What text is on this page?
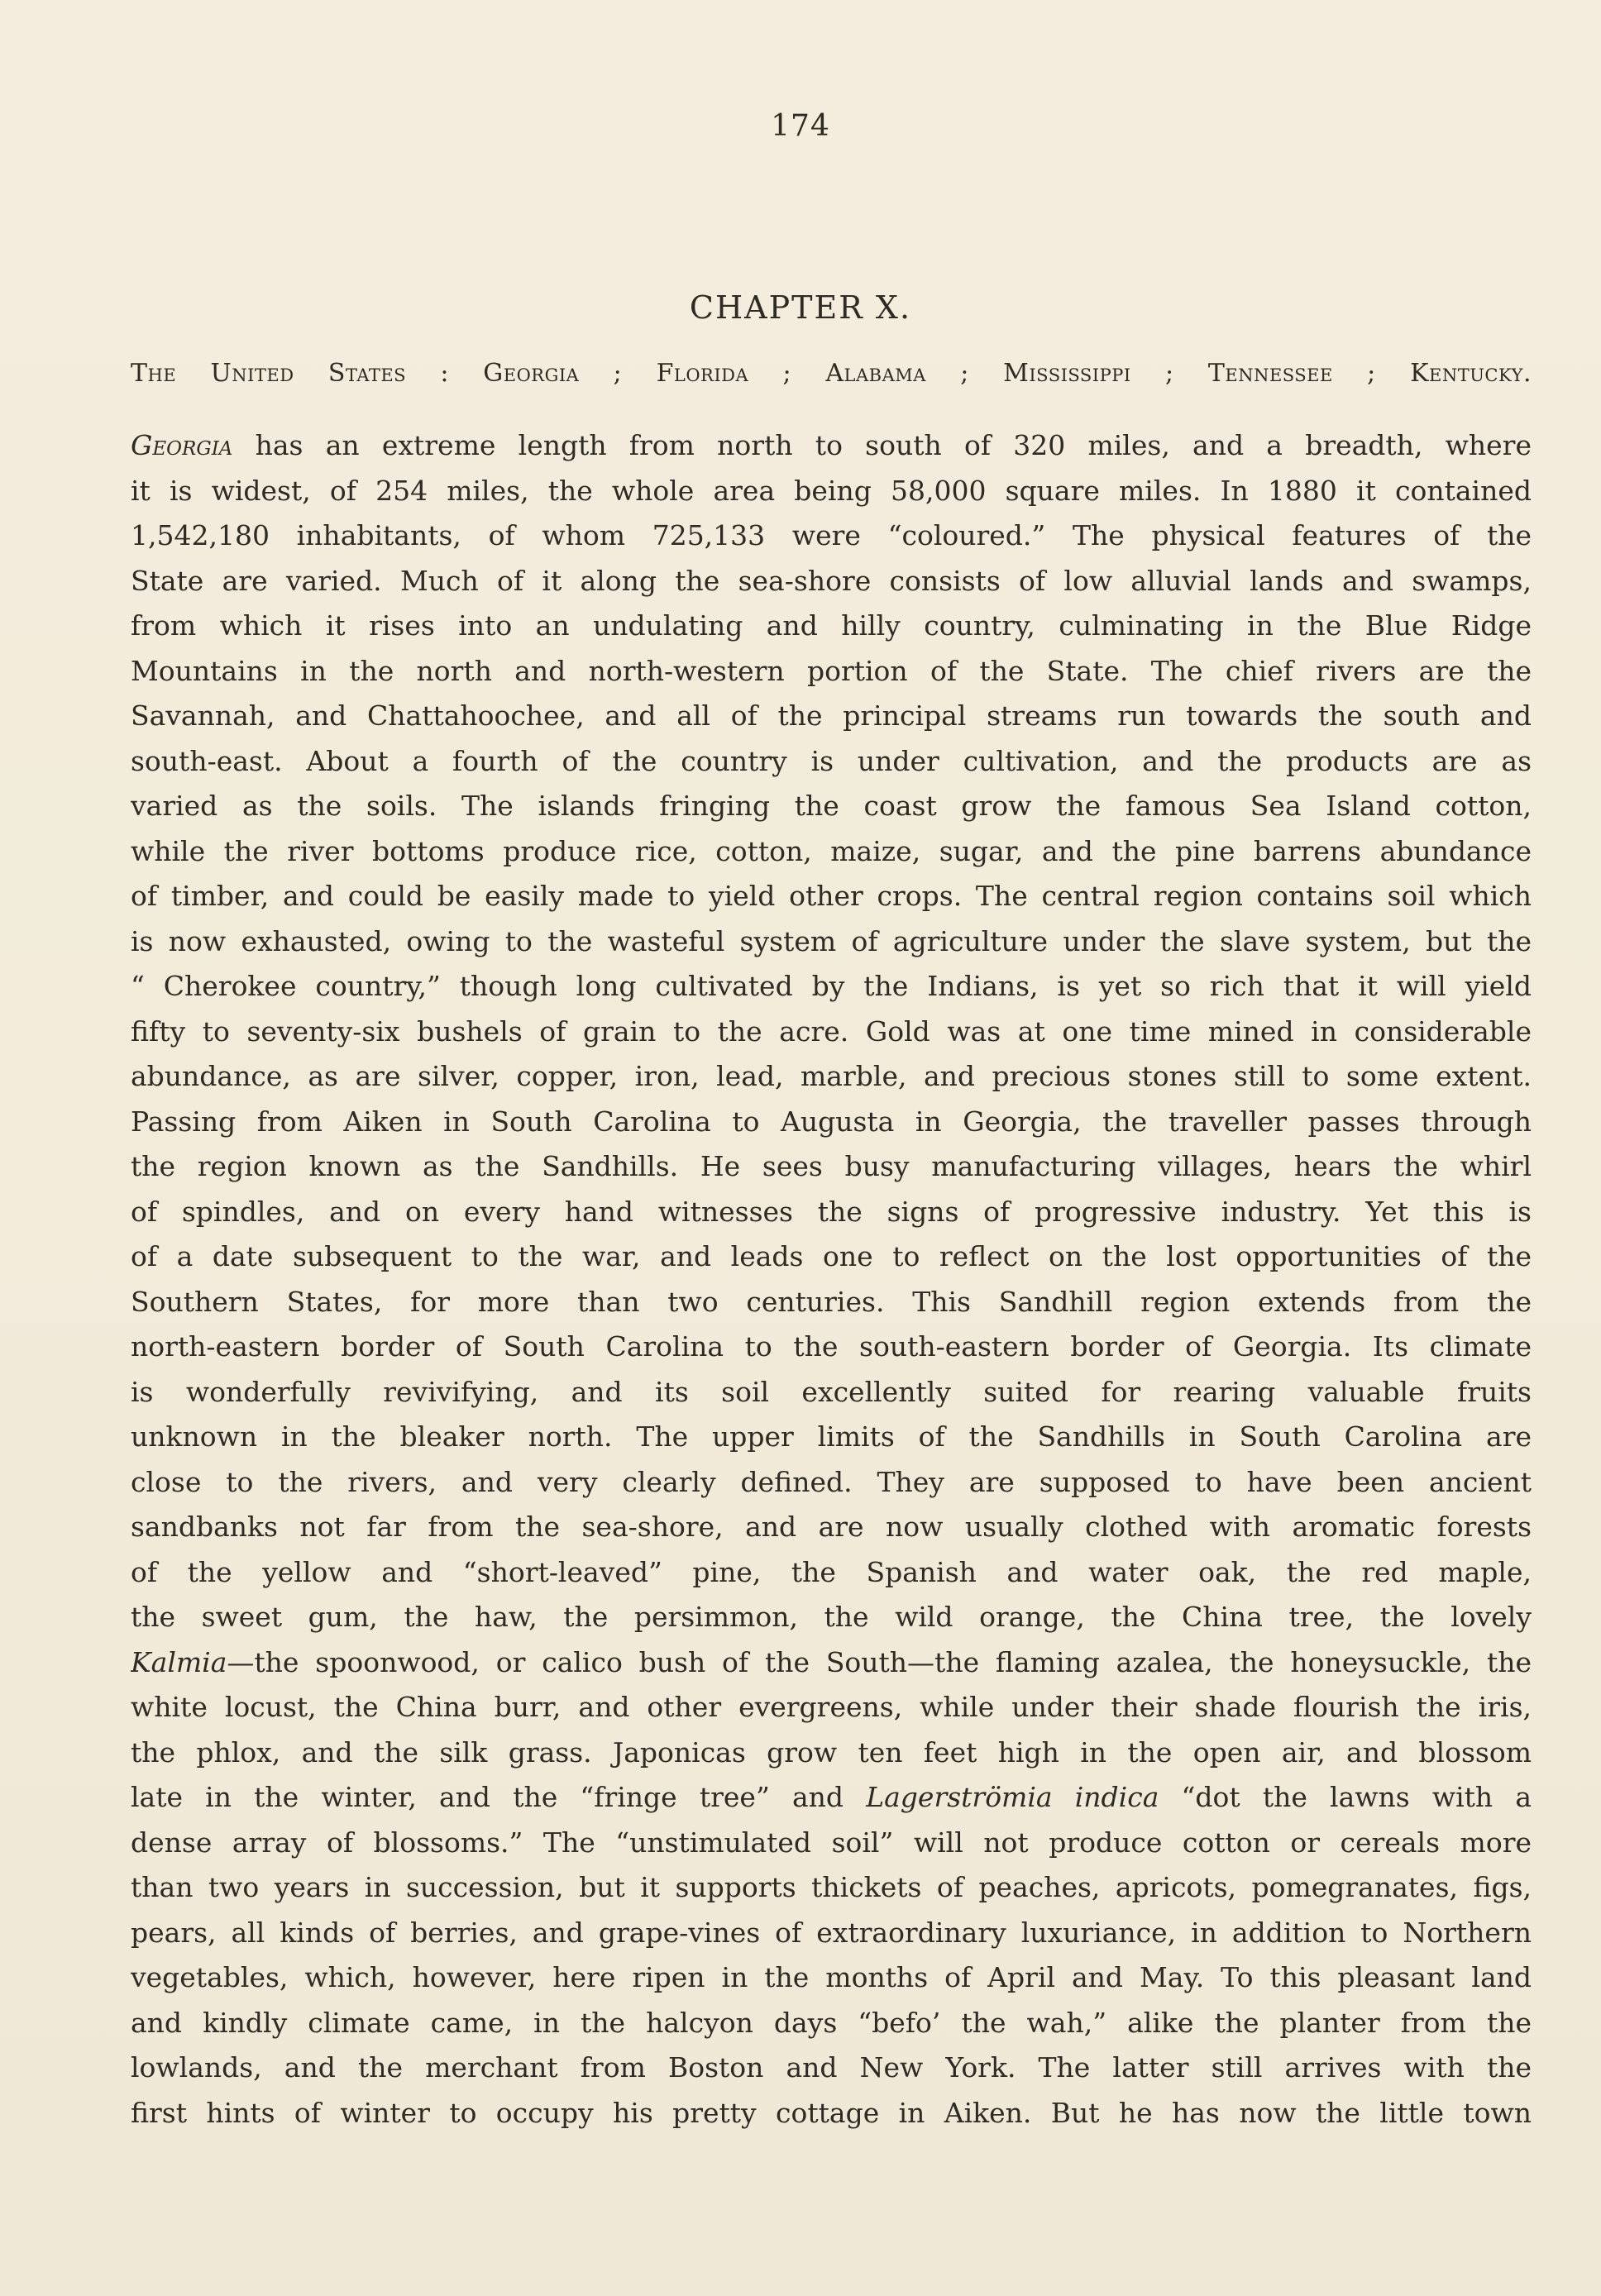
174
CHAPTER X.
The United States : Georgia ; Florida ; Alabama ; Mississippi ; Tennessee ; Kentucky.
Georgia has an extreme length from north to south of 320 miles, and a breadth, where
it is widest, of 254 miles, the whole area being 58,000 square miles. In 1880 it contained
1,542,180 inhabitants, of whom 725,133 were “coloured.” The physical features of the
State are varied. Much of it along the sea-shore consists of low alluvial lands and swamps,
from which it rises into an undulating and hilly country, culminating in the Blue Ridge
Mountains in the north and north-western portion of the State. The chief rivers are the
Savannah, and Chattahoochee, and all of the principal streams run towards the south and
south-east. About a fourth of the country is under cultivation, and the products are as
varied as the soils. The islands fringing the coast grow the famous Sea Island cotton,
while the river bottoms produce rice, cotton, maize, sugar, and the pine barrens abundance
of timber, and could be easily made to yield other crops. The central region contains soil which
is now exhausted, owing to the wasteful system of agriculture under the slave system, but the
“ Cherokee country,” though long cultivated by the Indians, is yet so rich that it will yield
fifty to seventy-six bushels of grain to the acre. Gold was at one time mined in considerable
abundance, as are silver, copper, iron, lead, marble, and precious stones still to some extent.
Passing from Aiken in South Carolina to Augusta in Georgia, the traveller passes through
the region known as the Sandhills. He sees busy manufacturing villages, hears the whirl
of spindles, and on every hand witnesses the signs of progressive industry. Yet this is
of a date subsequent to the war, and leads one to reflect on the lost opportunities of the
Southern States, for more than two centuries. This Sandhill region extends from the
north-eastern border of South Carolina to the south-eastern border of Georgia. Its climate
is wonderfully revivifying, and its soil excellently suited for rearing valuable fruits
unknown in the bleaker north. The upper limits of the Sandhills in South Carolina are
close to the rivers, and very clearly defined. They are supposed to have been ancient
sandbanks not far from the sea-shore, and are now usually clothed with aromatic forests
of the yellow and “short-leaved” pine, the Spanish and water oak, the red maple,
the sweet gum, the haw, the persimmon, the wild orange, the China tree, the lovely
Kalmia—the spoonwood, or calico bush of the South—the flaming azalea, the honeysuckle, the
white locust, the China burr, and other evergreens, while under their shade flourish the iris,
the phlox, and the silk grass. Japonicas grow ten feet high in the open air, and blossom
late in the winter, and the “fringe tree” and Lagerströmia indica “dot the lawns with a
dense array of blossoms.” The “unstimulated soil” will not produce cotton or cereals more
than two years in succession, but it supports thickets of peaches, apricots, pomegranates, figs,
pears, all kinds of berries, and grape-vines of extraordinary luxuriance, in addition to Northern
vegetables, which, however, here ripen in the months of April and May. To this pleasant land
and kindly climate came, in the halcyon days “befo’ the wah,” alike the planter from the
lowlands, and the merchant from Boston and New York. The latter still arrives with the
first hints of winter to occupy his pretty cottage in Aiken. But he has now the little town
